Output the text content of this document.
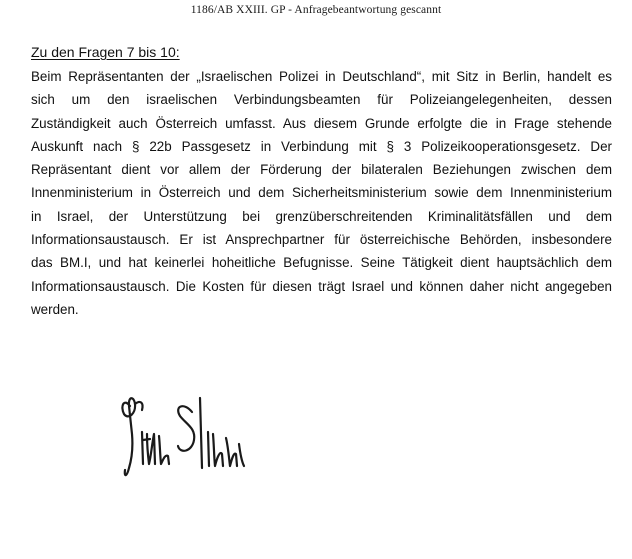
1186/AB XXIII. GP - Anfragebeantwortung gescannt
Zu den Fragen 7 bis 10:
Beim Repräsentanten der „Israelischen Polizei in Deutschland“, mit Sitz in Berlin, handelt es
sich um den israelischen Verbindungsbeamten für Polizeiangelegenheiten, dessen
Zuständigkeit auch Österreich umfasst. Aus diesem Grunde erfolgte die in Frage stehende
Auskunft nach § 22b Passgesetz in Verbindung mit § 3 Polizeikooperationsgesetz. Der
Repräsentant dient vor allem der Förderung der bilateralen Beziehungen zwischen dem
Innenministerium in Österreich und dem Sicherheitsministerium sowie dem Innenministerium
in Israel, der Unterstützung bei grenzüberschreitenden Kriminalitätsfällen und dem
Informationsaustausch. Er ist Ansprechpartner für österreichische Behörden, insbesondere
das BM.I, und hat keinerlei hoheitliche Befugnisse. Seine Tätigkeit dient hauptsächlich dem
Informationsaustausch. Die Kosten für diesen trägt Israel und können daher nicht angegeben
werden.
